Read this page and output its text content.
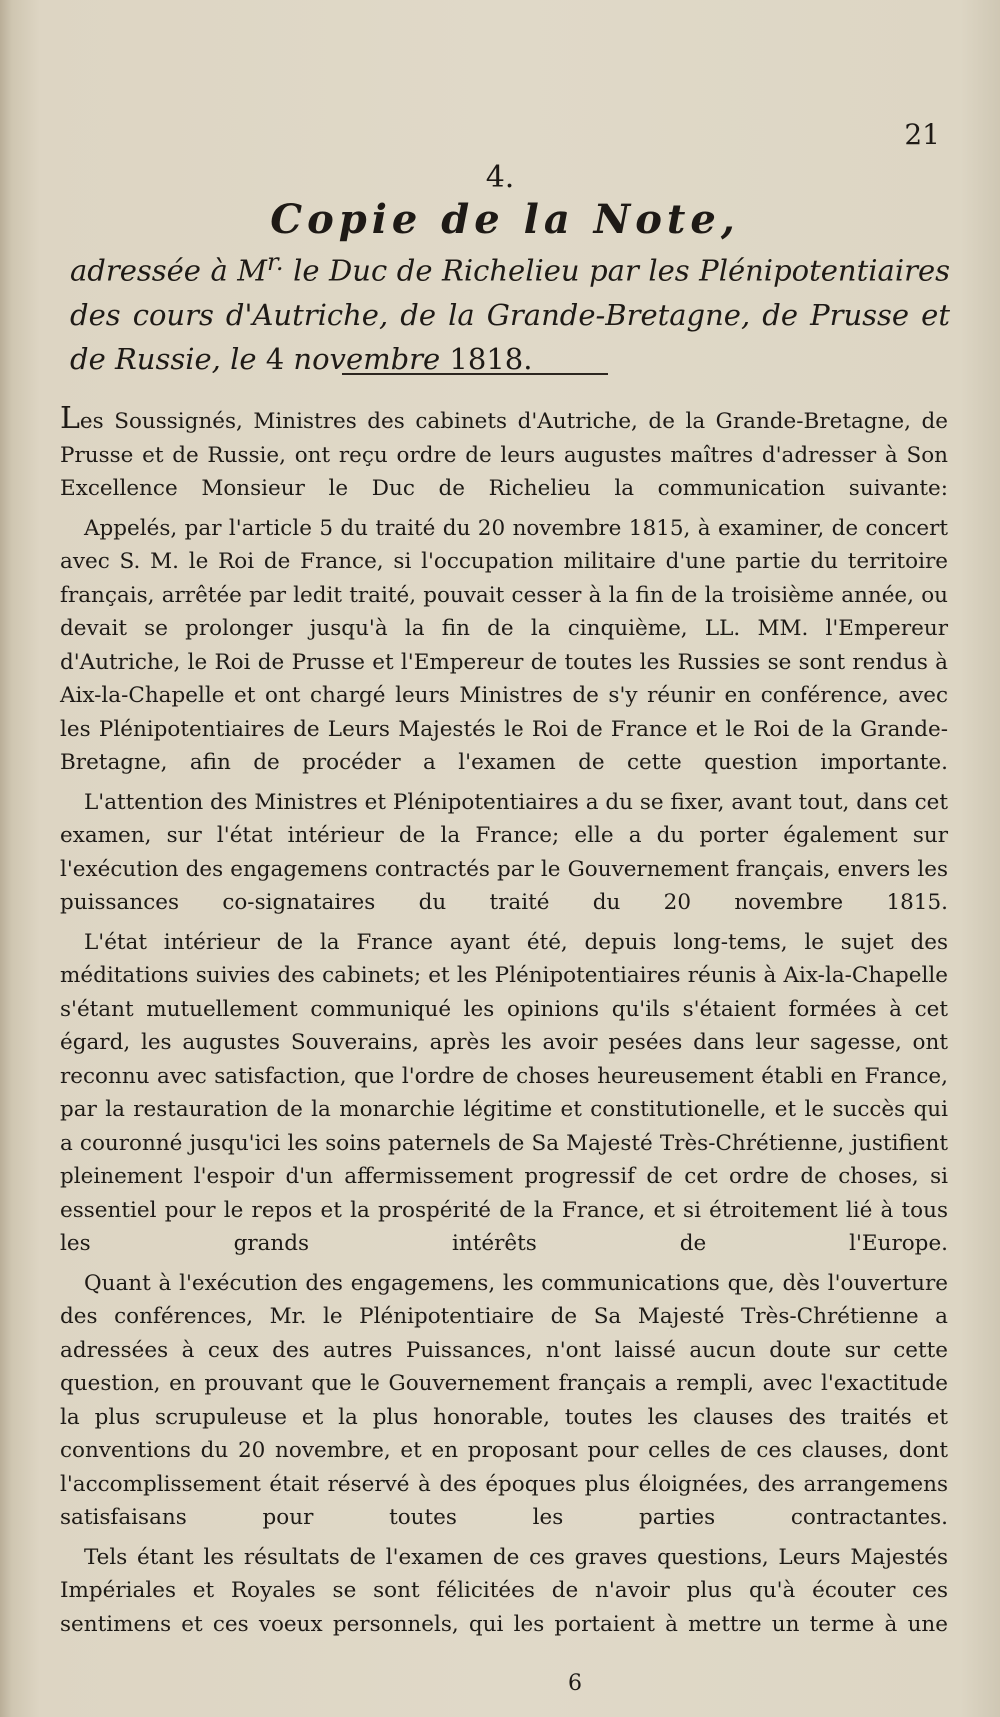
21
4.
Copie de la Note,
adressée à $M^{r.}$ le Duc de Richelieu par les Plénipotentiaires des cours d'Autriche, de la Grande-Bretagne, de Prusse et de Russie, le 4 novembre 1818.

Les Soussignés, Ministres des cabinets d'Autriche, de la Grande-Bretagne, de Prusse et de Russie, ont reçu ordre de leurs augustes maîtres d'adresser à Son Excellence Monsieur le Duc de Richelieu la communication suivante:

Appelés, par l'article 5 du traité du 20 novembre 1815, à examiner, de concert avec S. M. le Roi de France, si l'occupation militaire d'une partie du territoire français, arrêtée par ledit traité, pouvait cesser à la fin de la troisième année, ou devait se prolonger jusqu'à la fin de la cinquième, LL. MM. l'Empereur d'Autriche, le Roi de Prusse et l'Empereur de toutes les Russies se sont rendus à Aix-la-Chapelle et ont chargé leurs Ministres de s'y réunir en conférence, avec les Plénipotentiaires de Leurs Majestés le Roi de France et le Roi de la Grande-Bretagne, afin de procéder a l'examen de cette question importante.

L'attention des Ministres et Plénipotentiaires a du se fixer, avant tout, dans cet examen, sur l'état intérieur de la France; elle a du porter également sur l'exécution des engagemens contractés par le Gouvernement français, envers les puissances co-signataires du traité du 20 novembre 1815.

L'état intérieur de la France ayant été, depuis long-tems, le sujet des méditations suivies des cabinets; et les Plénipotentiaires réunis à Aix-la-Chapelle s'étant mutuellement communiqué les opinions qu'ils s'étaient formées à cet égard, les augustes Souverains, après les avoir pesées dans leur sagesse, ont reconnu avec satisfaction, que l'ordre de choses heureusement établi en France, par la restauration de la monarchie légitime et constitutionelle, et le succès qui a couronné jusqu'ici les soins paternels de Sa Majesté Très-Chrétienne, justifient pleinement l'espoir d'un affermissement progressif de cet ordre de choses, si essentiel pour le repos et la prospérité de la France, et si étroitement lié à tous les grands intérêts de l'Europe.

Quant à l'exécution des engagemens, les communications que, dès l'ouverture des conférences, Mr. le Plénipotentiaire de Sa Majesté Très-Chrétienne a adressées à ceux des autres Puissances, n'ont laissé aucun doute sur cette question, en prouvant que le Gouvernement français a rempli, avec l'exactitude la plus scrupuleuse et la plus honorable, toutes les clauses des traités et conventions du 20 novembre, et en proposant pour celles de ces clauses, dont l'accomplissement était réservé à des époques plus éloignées, des arrangemens satisfaisans pour toutes les parties contractantes.

Tels étant les résultats de l'examen de ces graves questions, Leurs Majestés Impériales et Royales se sont félicitées de n'avoir plus qu'à écouter ces sentimens et ces voeux personnels, qui les portaient à mettre un terme à une

6
